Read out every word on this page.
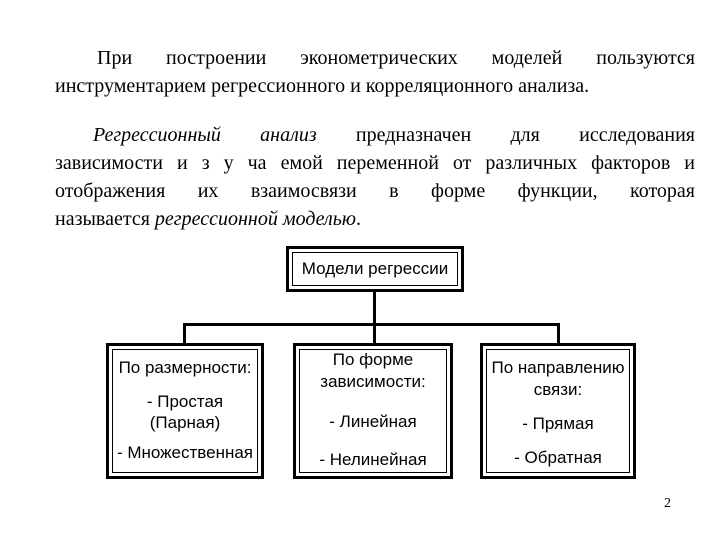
При построении эконометрических моделей пользуются
инструментарием регрессионного и корреляционного анализа.
Регрессионный анализ предназначен для исследования
зависимости и з у ча емой переменной от различных факторов и
отображения их взаимосвязи в форме функции, которая
называется регрессионной моделью.
Модели регрессии
По размерности:
- Простая
(Парная)
- Множественная
По форме
зависимости:
- Линейная
- Нелинейная
По направлению
связи:
- Прямая
- Обратная
2
